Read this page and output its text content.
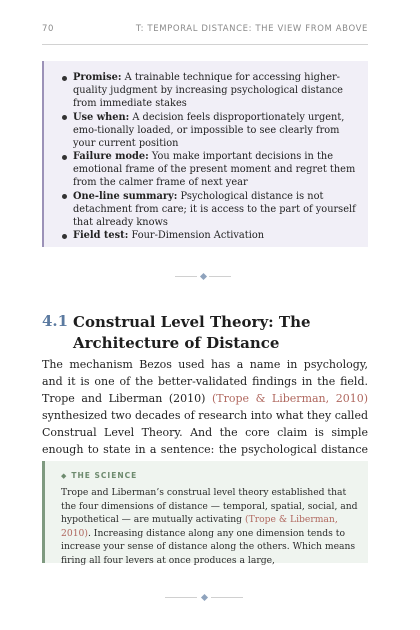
70	T: TEMPORAL DISTANCE: THE VIEW FROM ABOVE
Promise: A trainable technique for accessing higher-quality judgment by increasing psychological distance from immediate stakes
Use when: A decision feels disproportionately urgent, emo-tionally loaded, or impossible to see clearly from your current position
Failure mode: You make important decisions in the emotional frame of the present moment and regret them from the calmer frame of next year
One-line summary: Psychological distance is not detachment from care; it is access to the part of yourself that already knows
Field test: Four-Dimension Activation
4.1 Construal Level Theory: The Architecture of Distance

The mechanism Bezos used has a name in psychology, and it is one of the better-validated findings in the field. Trope and Liberman (2010) (Trope & Liberman, 2010) synthesized two decades of research into what they called Construal Level Theory. And the core claim is simple enough to state in a sentence: the psychological distance

◆ THE SCIENCE

Trope and Liberman’s construal level theory established that the four dimensions of distance — temporal, spatial, social, and hypothetical — are mutually activating (Trope & Liberman, 2010). Increasing distance along any one dimension tends to increase your sense of distance along the others. Which means firing all four levers at once produces a large,
